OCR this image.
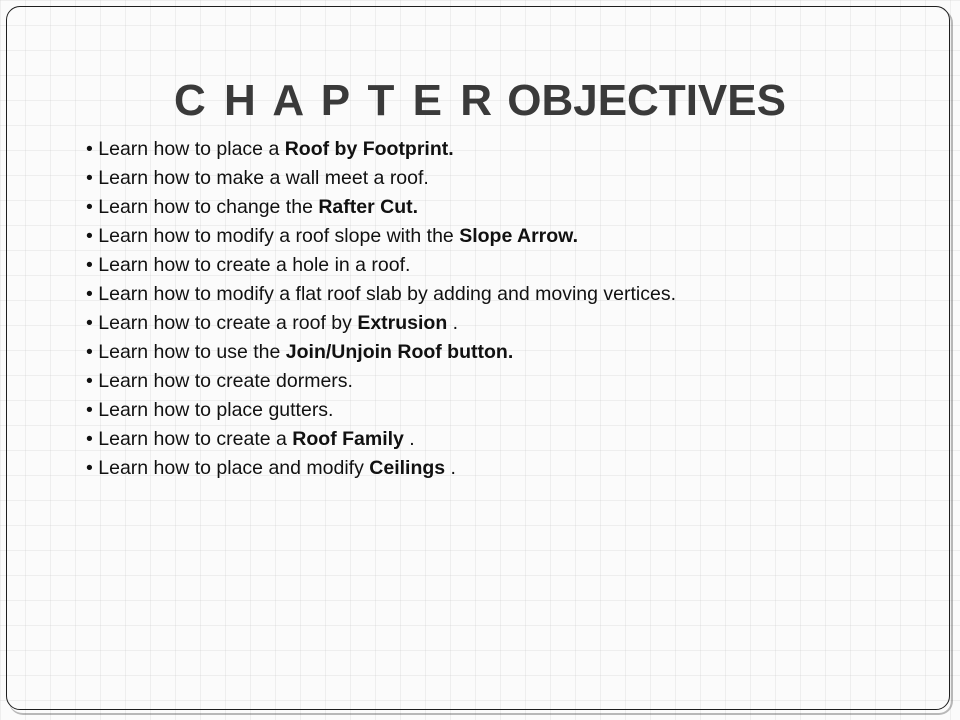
C H A P T E R OBJECTIVES
• Learn how to place a Roof by Footprint.
• Learn how to make a wall meet a roof.
• Learn how to change the Rafter Cut.
• Learn how to modify a roof slope with the Slope Arrow.
• Learn how to create a hole in a roof.
• Learn how to modify a flat roof slab by adding and moving vertices.
• Learn how to create a roof by Extrusion .
• Learn how to use the Join/Unjoin Roof button.
• Learn how to create dormers.
• Learn how to place gutters.
• Learn how to create a Roof Family .
• Learn how to place and modify Ceilings .
